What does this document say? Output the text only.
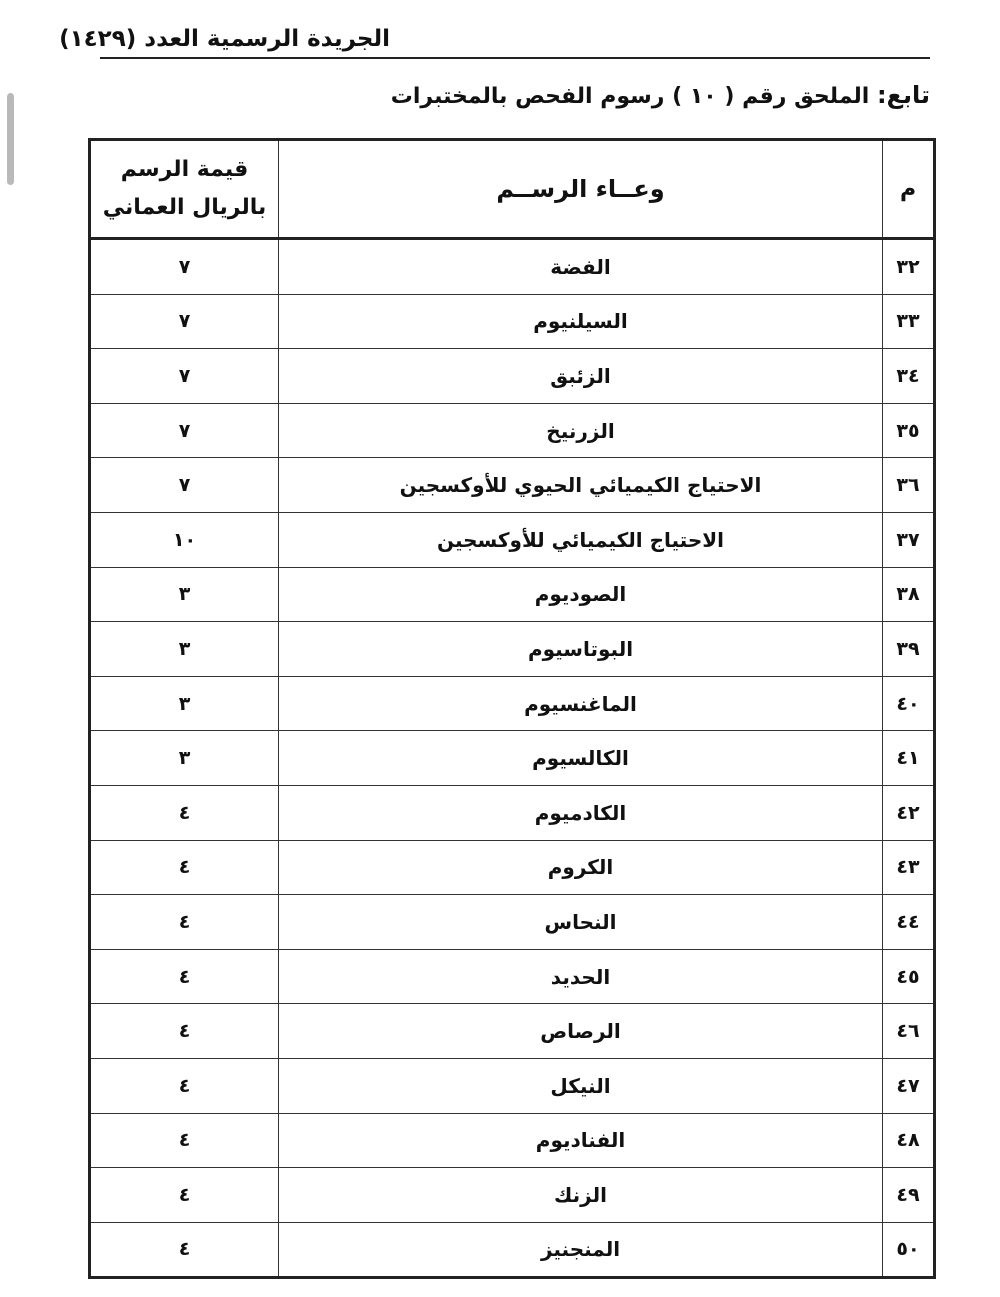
الجريدة الرسمية العدد (١٤٢٩)
تابع: الملحق رقم ( ١٠ ) رسوم الفحص بالمختبرات
م	وعــاء الرســم	قيمة الرسم
بالريال العماني

٣٢	الفضة	٧
٣٣	السيلنيوم	٧
٣٤	الزئبق	٧
٣٥	الزرنيخ	٧
٣٦	الاحتياج الكيميائي الحيوي للأوكسجين	٧
٣٧	الاحتياج الكيميائي للأوكسجين	١٠
٣٨	الصوديوم	٣
٣٩	البوتاسيوم	٣
٤٠	الماغنسيوم	٣
٤١	الكالسيوم	٣
٤٢	الكادميوم	٤
٤٣	الكروم	٤
٤٤	النحاس	٤
٤٥	الحديد	٤
٤٦	الرصاص	٤
٤٧	النيكل	٤
٤٨	الفناديوم	٤
٤٩	الزنك	٤
٥٠	المنجنيز	٤
